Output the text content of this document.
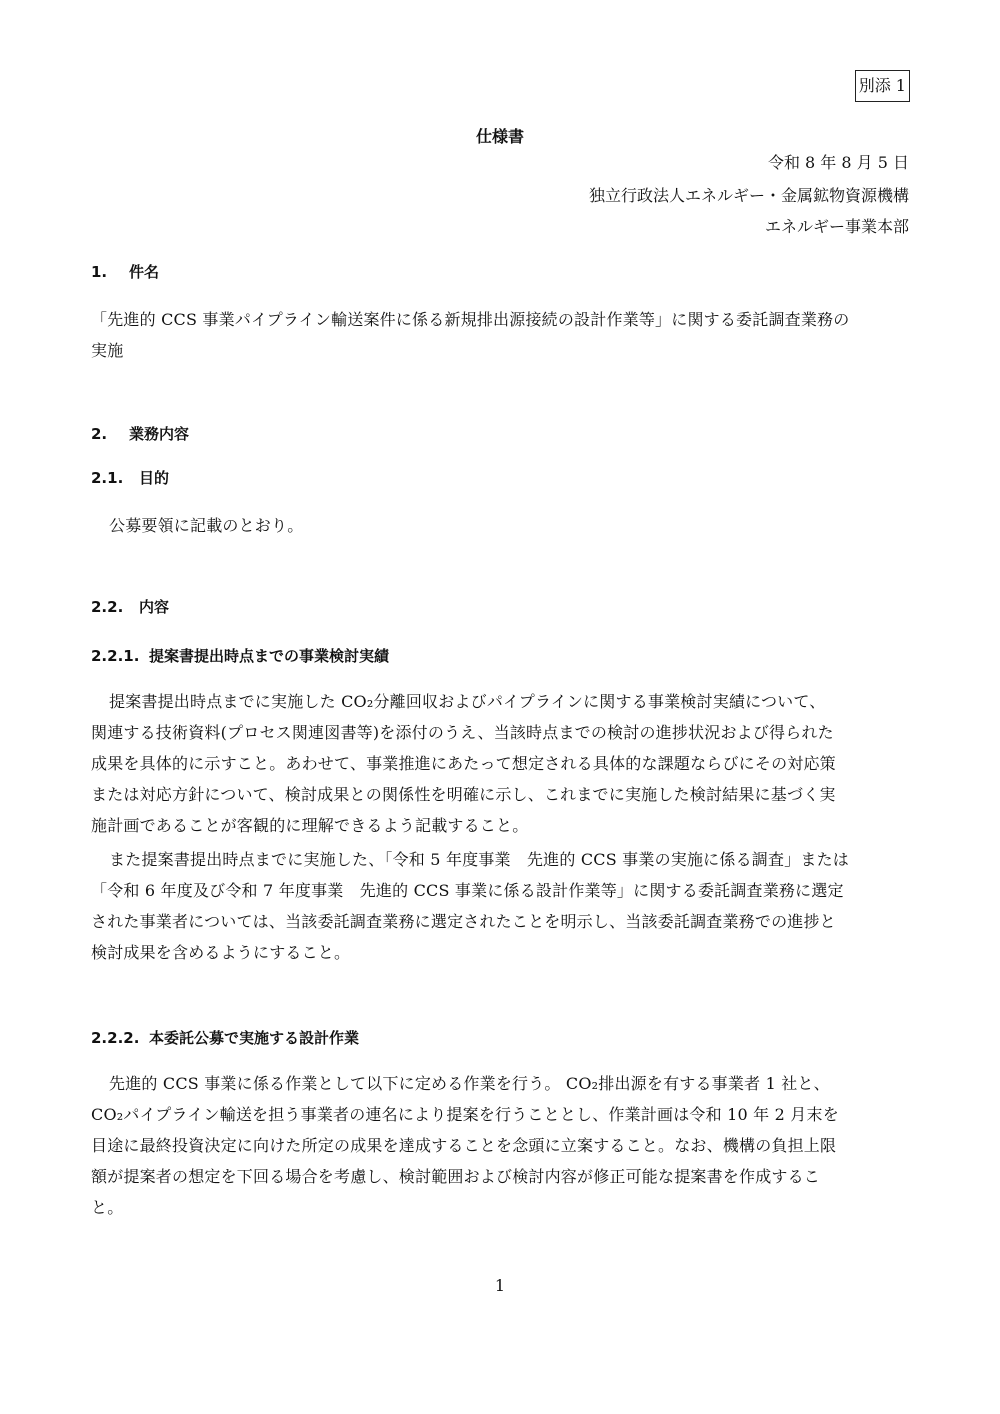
別添 1
仕様書
令和 8 年 8 月 5 日
独立行政法人エネルギー・金属鉱物資源機構
エネルギー事業本部
1. 件名
「先進的 CCS 事業パイプライン輸送案件に係る新規排出源接続の設計作業等」に関する委託調査業務の
実施
2. 業務内容
2.1. 目的
公募要領に記載のとおり。
2.2. 内容
2.2.1. 提案書提出時点までの事業検討実績
提案書提出時点までに実施した CO₂分離回収およびパイプラインに関する事業検討実績について、
関連する技術資料(プロセス関連図書等)を添付のうえ、当該時点までの検討の進捗状況および得られた
成果を具体的に示すこと。あわせて、事業推進にあたって想定される具体的な課題ならびにその対応策
または対応方針について、検討成果との関係性を明確に示し、これまでに実施した検討結果に基づく実
施計画であることが客観的に理解できるよう記載すること。
また提案書提出時点までに実施した、「令和 5 年度事業　先進的 CCS 事業の実施に係る調査」または
「令和 6 年度及び令和 7 年度事業　先進的 CCS 事業に係る設計作業等」に関する委託調査業務に選定
された事業者については、当該委託調査業務に選定されたことを明示し、当該委託調査業務での進捗と
検討成果を含めるようにすること。
2.2.2. 本委託公募で実施する設計作業
先進的 CCS 事業に係る作業として以下に定める作業を行う。 CO₂排出源を有する事業者 1 社と、
CO₂パイプライン輸送を担う事業者の連名により提案を行うこととし、作業計画は令和 10 年 2 月末を
目途に最終投資決定に向けた所定の成果を達成することを念頭に立案すること。なお、機構の負担上限
額が提案者の想定を下回る場合を考慮し、検討範囲および検討内容が修正可能な提案書を作成するこ
と。
1
